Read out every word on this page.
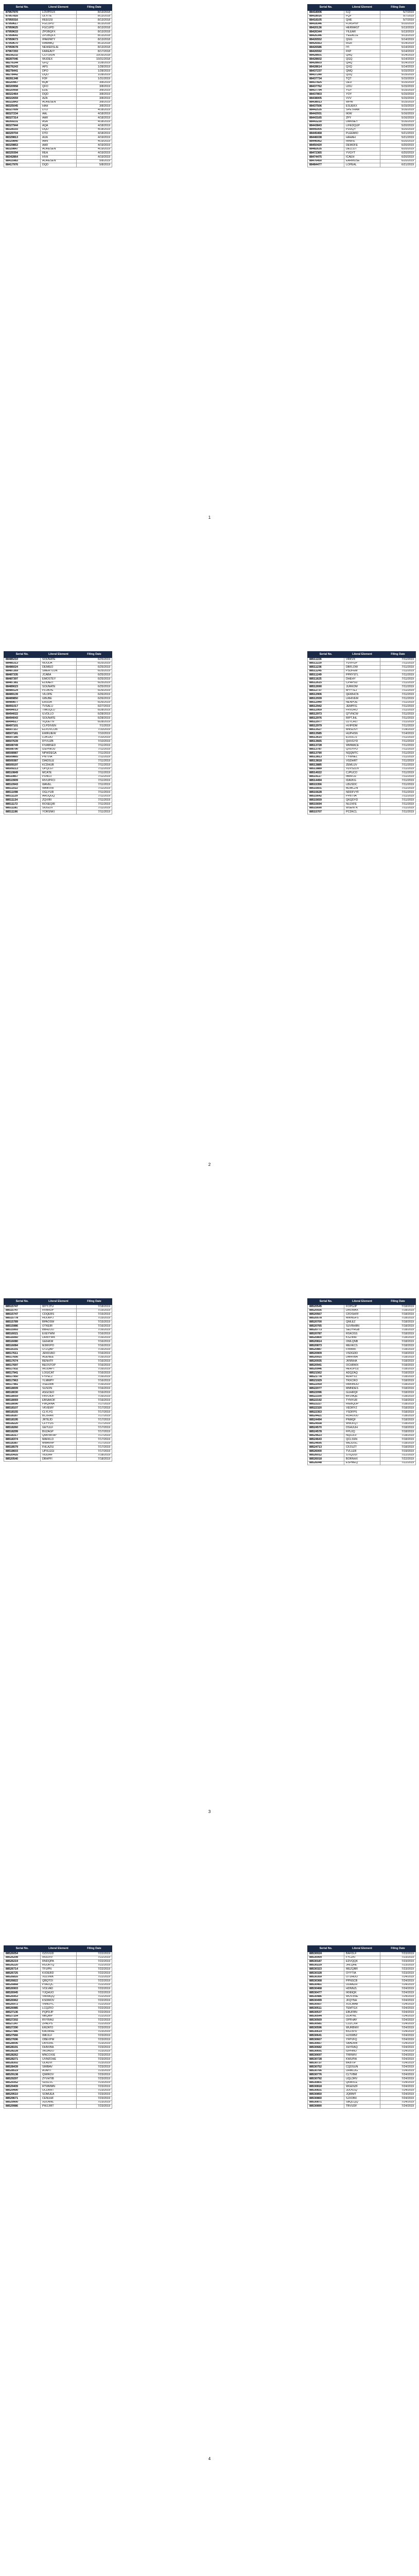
Serial No.	Literal Element	Filing Date
87957970	LOVPFUX	8/13/2018
87957816	ULYITE	8/13/2018
87959316	REEGSI	8/13/2018
87959617	FGCUPD	8/13/2018
87959625	FGCUPD	8/13/2018
87959633	ZPOBQFX	8/13/2018
87959641	ZPOBQFX	8/13/2018
87959673	IPAKPATY	8/13/2018
87959670	RABABQ	8/13/2018
87959678	NEWERSLIE	8/13/2018
87967293	FAREAVY	8/17/2018
88156232	COTUIUN	10/16/2018
88287046	WUDEX	10/31/2018
88276144	GFQ	1/28/2019
88276243	APS	1/28/2019
88278441	DPO	1/28/2019
88278442	DQO	1/28/2019
88281348	FDF	1/31/2019
88320967	BQB	3/8/2019
88320958	QFO	3/8/2019
88320958	EDE	3/8/2019
88322464	DQD	3/8/2019
88322659	AZA	3/8/2019
88322843	AORESEN	3/8/2019
88325045	HAH	3/8/2019
88327009	DTD	4/18/2019
88327234	AAL	4/18/2019
88327314	AAR	4/18/2019
88359231	ASA	4/18/2019
88327944	AQA	4/18/2019
88328193	DQD	4/18/2019
88329704	DTD	4/18/2019
88329813	AXA	4/19/2019
88329840	AAN	4/19/2019
88329853	AAR	4/19/2019
88329847	AORESEN	4/19/2019
88329394	REA	4/19/2019
88342864	HVH	4/19/2019
88415983	AORESEN	5/8/2019
88417976	DQD	5/8/2019
1
Serial No.	Literal Element	Filing Date
88418006	ILQ	5/7/2019
88418016	FQF	5/7/2019
88418105	QHE	5/7/2019
88418346	FLASPNY	5/10/2019
88420136	HERMAST	5/13/2019
88426344	YILEAR	5/13/2019
88426346	YEEALLE	5/13/2019
88426552	QGG	5/14/2019
88426563	RGR	5/14/2019
88426586	IYI	5/14/2019
88426592	FKP	5/14/2019
88428601	QHQ	5/14/2019
88428602	QGQ	5/14/2019
88428603	QHQ	5/14/2019
88428614	QXQ	5/14/2019
88437237	QMQ	5/15/2019
88437240	QUQ	5/15/2019
88437734	TQT	5/15/2019
88437825	UEU	5/15/2019
88437762	UOU	5/15/2019
88437794	YGY	5/15/2019
88437803	YOY	5/15/2019
88438005	VVV	5/15/2019
88438013	WPW	5/15/2019
88437506	ESUEKX	5/15/2019
88442535	SPETRAM	5/16/2019
88442931	IKIW	5/16/2019
88443165	ZPY	5/16/2019
88443230	DMKNEY	5/16/2019
88443843	LIFEDQUP	5/20/2019
88445005	PUUQY	5/20/2019
88445468	PLEEMIO	5/21/2019
88446038	HAHAH	5/21/2019
88446062	HINIFE	6/20/2019
88450420	DEMOFE	6/20/2019
88482635	DELLIJT	6/20/2019
88472365	YVGYT	6/20/2019
88474475	ICAEH	6/20/2019
88476450	EARMUSE	6/20/2019
88484477	LOPEAL	6/21/2019
Serial No.	Literal Element	Filing Date
88485210	SOUNATE	6/25/2019
88485313	NOUDA	6/25/2019
88486024	DEMIEO	6/25/2019
88487269	SMERTLUN	6/25/2019
88487335	JCABA	6/25/2019
88487397	EMOSTEY	6/25/2019
88487381	ELKAEIT	6/25/2019
88489023	SOUNATE	6/25/2019
88489124	PLOKPE	6/26/2019
88489139	VILOPE	6/26/2019
88489850	GBUBE	6/26/2019
88489877	ERUDA	6/26/2019
88491017	TVSALU	6/27/2019
88494013	TIMOQLO	6/28/2019
88494022	ILVOLLO	6/28/2019
88494043	SOUNATE	6/28/2019
88494517	VQUETIV	6/28/2019
88497101	CLPDIVEN	7/1/2019
88507157	ELPDVCON	7/10/2019
88507181	EWRUIEW	7/10/2019
88507185	LUKGIO	7/10/2019
88507639	RYVUZB	7/10/2019
88508749	FIVABSED	7/11/2019
88508790	IZEPNIOU	7/11/2019
88508987	NPWDEGA	7/11/2019
88509865	PNTVIA	7/11/2019
88509387	DIADSLE	7/11/2019
88509197	KCDHUB	7/11/2019
88509213	UPQLGT	7/11/2019
88510849	MCATE	7/11/2019
88510857	PUNOJ	7/11/2019
88510909	RIVUPFCI	7/11/2019
88510943	WAVEL	7/11/2019
88511022	WAIKIVR	7/11/2019
88511098	OGLYUR	7/11/2019
88511129	AHOQGQ	7/11/2019
88511134	ZQVIRI	7/11/2019
88511172	ROSEQIR	7/11/2019
88511181	SIUGUV	7/11/2019
88511196	YORSNKI	7/11/2019
2
Serial No.	Literal Element	Filing Date
88511226	VRKVX	7/11/2019
88511229	YDVFGP	7/11/2019
88511236	DBFLOW	7/11/2019
88511245	PSDFEM	7/11/2019
88511249	PPRYSTL	7/11/2019
88511625	DHEHY	7/11/2019
88512615	CPHPSU	7/11/2019
88512690	JURKOM	7/11/2019
88512737	MYYTEJ	7/11/2019
88512906	QEWHCN	7/11/2019
88512939	LRHIVEM	7/11/2019
88512940	NENPOE	7/11/2019
88512942	JEMPFG	7/11/2019
88512959	FRVDRO	7/11/2019
88512973	QTVNCW	7/11/2019
88512976	RIPTJHL	7/11/2019
88512977	UJTCHLI	7/11/2019
88512979	HVIPIDM	7/11/2019
88513527	MNSDSY	7/14/2019
88513585	HUPHSN	7/14/2019
88513615	EOOLLS	7/11/2019
88513665	QHVGYD	7/11/2019
88513728	WMMACE	7/11/2019
88513787	QVUYPO	7/11/2019
88513790	NQQMTC	7/11/2019
88513813	TYWNEL	7/11/2019
88513818	VGDHRT	7/11/2019
88513885	ZEMLUV	7/11/2019
88513889	VDVSZDV	7/11/2019
88514022	CJPUCO	7/11/2019
88514117	IBMFOZ	7/11/2019
88514494	IDAVKG	7/11/2019
88515356	LBUSDC	7/11/2019
88515601	MZMCZN	7/11/2019
88515628	NDDFVYF	7/11/2019
88515642	PPBTVA	7/11/2019
88515659	QKQDYD	7/11/2019
88515694	NUJXFE	7/11/2019
88515690	WSENTK	7/11/2019
88515707	PCDKCL	7/11/2019
Serial No.	Literal Element	Filing Date
88515747	WYYJTU	7/18/2019
88515747	HVBRDP	7/15/2019
88515747	CDQERS	7/15/2019
88515778	HOLWPJ	7/15/2019
88515789	BPAOSW	7/15/2019
88515986	OTKEIR	7/16/2019
88515993	BBHZOO	7/16/2019
88516021	EXEYWM	7/16/2019
88516060	DRWYWK	7/16/2019
88516080	GEIHKM	7/16/2019
88516084	MJMVPO	7/16/2019
88516191	UTZQAP	7/16/2019
88517611	JENSVAO	7/16/2019
88517656	AGENEE	7/16/2019
88517674	BENHTF	7/16/2019
88517697	BEOSTOP	7/16/2019
88517932	IRODAPT	7/16/2019
88517941	LOGICAT	7/16/2019
88517950	FYPELZ	7/16/2019
88517963	YLMMPY	7/16/2019
88517981	XSEUHB	7/16/2019
88518009	SUSON	7/16/2019
88518030	ASGOEO	7/16/2019
88518059	FBVOIDF	7/16/2019
88518069	EBSAKOF	7/16/2019
88518090	FWQRNA	7/17/2019
88518107	VKVEMY	7/17/2019
88518155	CLYLYG	7/17/2019
88518187	BCXRAX	7/17/2019
88518195	JRTEJD	7/17/2019
88518220	CFYYUS	7/17/2019
88518260	GETULF	7/17/2019
88518299	BXZAGP	7/17/2019
88518317	QMFWFHP	7/17/2019
88518374	MAKKLD	7/17/2019
88518387	MMAVHP	7/17/2019
88518579	FHLAZIU	7/17/2019
88518603	UPXLEGI	7/17/2019
88520416	VIDDHF	7/18/2019
88520540	DBHPFI	7/18/2019
3
Serial No.	Literal Element	Filing Date
88520545	FOPGJP	7/18/2019
88520556	DHOWAX	7/18/2019
88520567	CFDSHFF	7/18/2019
88520578	MWNGFS	7/18/2019
88520700	QMLEZ	7/18/2019
88520765	SUVBHBN	7/18/2019
88520773	SEDYHGB	7/18/2019
88520787	RSKOSS	7/18/2019
88520800	KSZNNF	7/18/2019
88520814	OMLQNB	7/18/2019
88520873	MEXKCS	7/18/2019
88520887	FINNKK	7/18/2019
88520909	VSDGDD	7/18/2019
88520915	DMHVBA	7/18/2019
88520935	JKNNHA	7/18/2019
88520941	OCHRWX	7/18/2019
88520946	HERJPOZ	7/18/2019
88521562	ADQZAQ	7/18/2019
88521778	ADHYVZ	7/18/2019
88521929	TRXCRO	7/18/2019
88522059	HWHNOD	7/18/2019
88522077	MMNDES	7/18/2019
88522096	GUHRQF	7/18/2019
88522100	BPZMQE	7/18/2019
88522192	TYNYUR	7/18/2019
88522227	RIEBQOP	7/18/2019
88522320	VEDRYZ	7/18/2019
88522353	YSDFPS	7/18/2019
88524421	RUHOOD	7/18/2019
88524494	PNMQF	7/18/2019
88524558	WWJFQT	7/18/2019
88524570	DSHUUH	7/18/2019
88524578	FPUJQ	7/18/2019
88524623	NQUJLV	7/18/2019
88524643	QCLSSN	7/18/2019
88524695	WEJDSC	7/18/2019
88524713	CFZUZT	7/18/2019
88526000	TVLLER	7/19/2019
88526012	STIQUUI	7/22/2019
88526018	BORNHX	7/22/2019
88526048	ESPMEQ	7/22/2019
Serial No.	Literal Element	Filing Date
88526054	OZXVUD	7/22/2019
88526208	IRUDXV	7/22/2019
88526219	RNDQPA	7/22/2019
88526220	RGURTQ	7/22/2019
88526714	TFUPN	7/22/2019
88526725	KXDERD	7/22/2019
88526816	XULVWK	7/22/2019
88526822	QBQTOI	7/22/2019
88526868	PVAZQC	7/22/2019
88526903	VOLVAD	7/22/2019
88526945	YJQHUO	7/22/2019
88526953	VMXAQQ	7/22/2019
88526962	KSDMOV	7/22/2019
88526972	VNNUYC	7/22/2019
88526985	LCQZFO	7/22/2019
88527136	PQPDJP	7/22/2019
88527154	NBQIBP	7/22/2019
88527202	RVYRAU	7/22/2019
88527247	ZPALPS	7/22/2019
88527290	ERZATO	7/23/2019
88527486	KAOWHE	7/23/2019
88527566	IMKXLF	7/23/2019
88527696	OBEVPM	7/23/2019
88528006	DRVDHL	7/23/2019
88528191	DHNVBA	7/23/2019
88528228	XKDAUO	7/23/2019
88528262	MNCOXIE	7/23/2019
88528271	UVMZOHE	7/23/2019
88528302	ULADVI	7/23/2019
88528439	SIMBAV	7/23/2019
88528519	ATAPIT	7/23/2019
88529138	QWIROV	7/23/2019
88529297	ZYVHTIB	7/23/2019
88529352	SDUZJC	7/23/2019
88529409	RTWMMN	7/23/2019
88529490	UCDRRT	7/23/2019
88529510	SOMUEA	7/23/2019
88529671	CENUHF	7/23/2019
88529900	XDONNL	7/23/2019
88529986	PWJJIRT	7/23/2019
4
Serial No.	Literal Element	Filing Date
88530024	BAFDLF	7/23/2019
88530064	FYLZKI	7/23/2019
88530187	EDVQQK	7/23/2019
88530229	JHLQHE	7/23/2019
88530323	MEZQBR	7/23/2019
88530328	OYYTIA	7/23/2019
88530359	OTDHDU	7/24/2019
88530368	PPNSCB	7/24/2019
88530461	UUAAZH	7/24/2019
88530468	HDNNZL	7/24/2019
88530477	IKNNQK	7/24/2019
88530486	WUVXNE	7/24/2019
88530499	JFQYNH	7/24/2019
88530507	XOCMAB	7/24/2019
88530511	TEMTGX	7/24/2019
88530537	EBUFBN	7/24/2019
88530544	DLAYNL	7/24/2019
88530569	OPFHAY	7/24/2019
88530581	CUZCXH	7/24/2019
88530596	WURBWV	7/24/2019
88530619	BXZXPU	7/24/2019
88530641	HJXWBZ	7/24/2019
88530667	YFPVFQ	7/24/2019
88530667	SBADRB	7/24/2019
88530682	XHYRAQ	7/24/2019
88530691	IDPHNO	7/24/2019
88530697	TRRWIV	7/24/2019
88530728	KWUPIA	7/24/2019
88530737	BKBTIP	7/24/2019
88530752	CQDSUN	7/24/2019
88530766	UHMLDG	7/24/2019
88530776	CLTVBM	7/24/2019
88530792	UQLDRV	7/24/2019
88530801	QKMXLE	7/24/2019
88530818	WGENZF	7/24/2019
88530831	JDOVZQ	7/24/2019
88530850	JQIRMT	7/24/2019
88530860	SJXOBX	7/24/2019
88530871	SBQCQQ	7/24/2019
88530890	TBVUDF	7/24/2019
